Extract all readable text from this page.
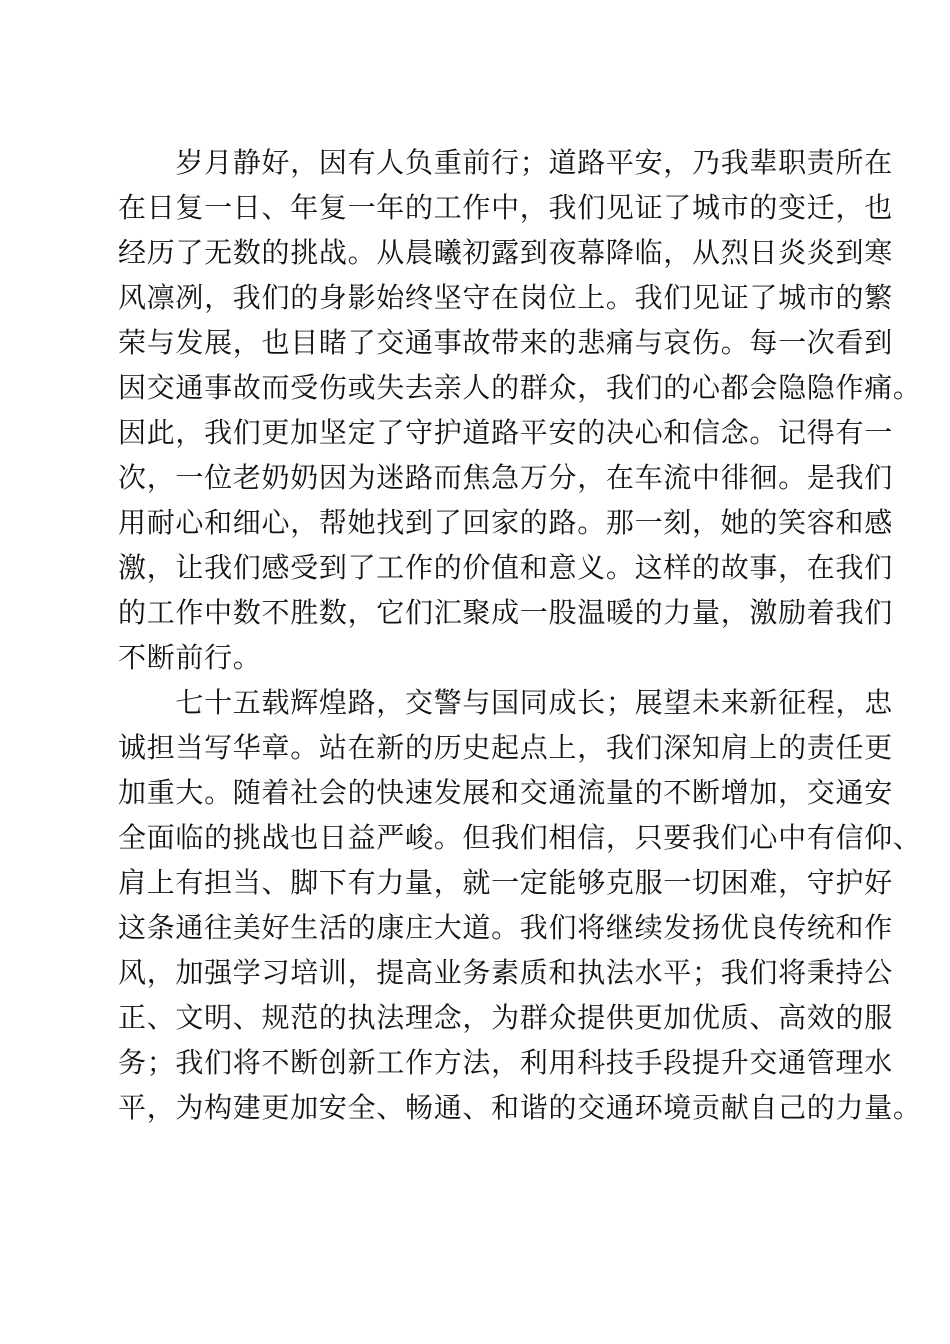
　　岁月静好，因有人负重前行；道路平安，乃我辈职责所在
在日复一日、年复一年的工作中，我们见证了城市的变迁，也
经历了无数的挑战。从晨曦初露到夜幕降临，从烈日炎炎到寒
风凛冽，我们的身影始终坚守在岗位上。我们见证了城市的繁
荣与发展，也目睹了交通事故带来的悲痛与哀伤。每一次看到
因交通事故而受伤或失去亲人的群众，我们的心都会隐隐作痛。
因此，我们更加坚定了守护道路平安的决心和信念。记得有一
次，一位老奶奶因为迷路而焦急万分，在车流中徘徊。是我们
用耐心和细心，帮她找到了回家的路。那一刻，她的笑容和感
激，让我们感受到了工作的价值和意义。这样的故事，在我们
的工作中数不胜数，它们汇聚成一股温暖的力量，激励着我们
不断前行。
　　七十五载辉煌路，交警与国同成长；展望未来新征程，忠
诚担当写华章。站在新的历史起点上，我们深知肩上的责任更
加重大。随着社会的快速发展和交通流量的不断增加，交通安
全面临的挑战也日益严峻。但我们相信，只要我们心中有信仰、
肩上有担当、脚下有力量，就一定能够克服一切困难，守护好
这条通往美好生活的康庄大道。我们将继续发扬优良传统和作
风，加强学习培训，提高业务素质和执法水平；我们将秉持公
正、文明、规范的执法理念，为群众提供更加优质、高效的服
务；我们将不断创新工作方法，利用科技手段提升交通管理水
平，为构建更加安全、畅通、和谐的交通环境贡献自己的力量。
